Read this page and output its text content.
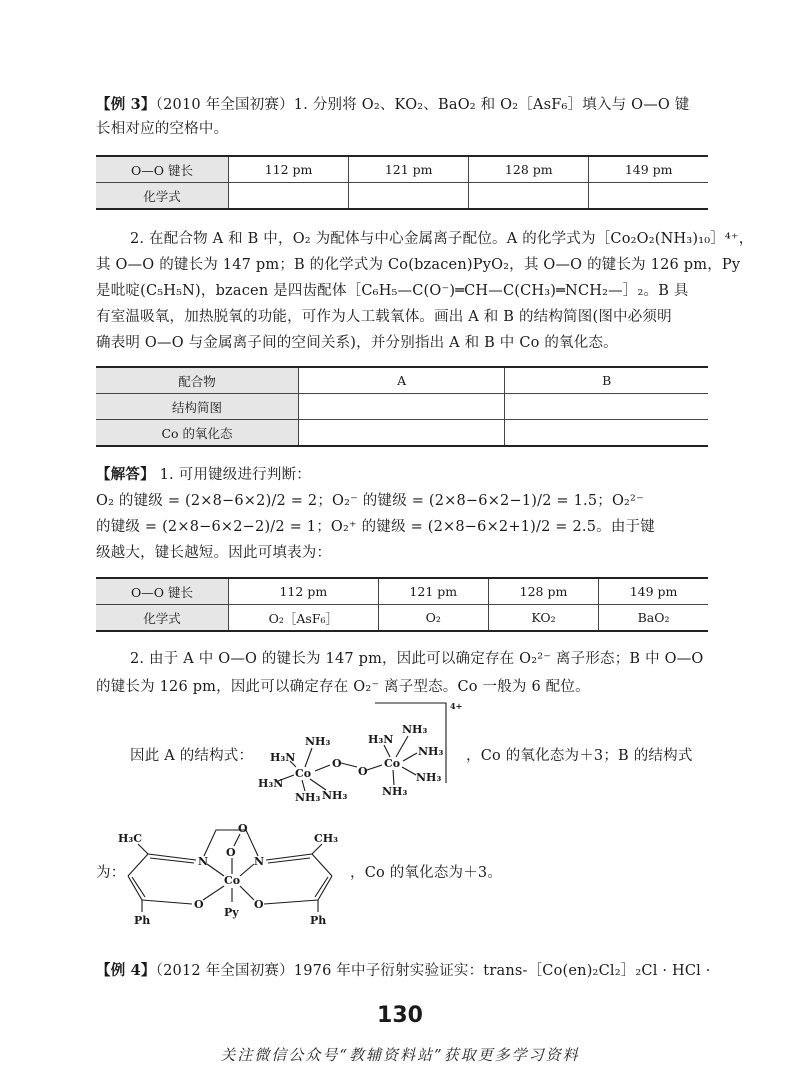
【例 3】（2010 年全国初赛）1. 分别将 O₂、KO₂、BaO₂ 和 O₂［AsF₆］填入与 O—O 键
长相对应的空格中。
O—O 键长	112 pm	121 pm	128 pm	149 pm
化学式				
2. 在配合物 A 和 B 中，O₂ 为配体与中心金属离子配位。A 的化学式为［Co₂O₂(NH₃)₁₀］⁴⁺，
其 O—O 的键长为 147 pm；B 的化学式为 Co(bzacen)PyO₂，其 O—O 的键长为 126 pm，Py
是吡啶(C₅H₅N)，bzacen 是四齿配体［C₆H₅—C(O⁻)═CH—C(CH₃)═NCH₂—］₂。B 具
有室温吸氧，加热脱氧的功能，可作为人工载氧体。画出 A 和 B 的结构简图(图中必须明
确表明 O—O 与金属离子间的空间关系)，并分别指出 A 和 B 中 Co 的氧化态。
配合物	A	B
结构简图		
Co 的氧化态		
【解答】 1. 可用键级进行判断：
O₂ 的键级 = (2×8−6×2)/2 = 2；O₂⁻ 的键级 = (2×8−6×2−1)/2 = 1.5；O₂²⁻
的键级 = (2×8−6×2−2)/2 = 1；O₂⁺ 的键级 = (2×8−6×2+1)/2 = 2.5。由于键
级越大，键长越短。因此可填表为：
O—O 键长	112 pm	121 pm	128 pm	149 pm
化学式	O₂［AsF₆］	O₂	KO₂	BaO₂
2. 由于 A 中 O—O 的键长为 147 pm，因此可以确定存在 O₂²⁻ 离子形态；B 中 O—O
的键长为 126 pm，因此可以确定存在 O₂⁻ 离子型态。Co 一般为 6 配位。
因此 A 的结构式：
4+
Co
NH₃
H₃N
H₃N
NH₃ NH₃
O
O
Co
NH₃
H₃N
NH₃
NH₃
NH₃
，Co 的氧化态为＋3；B 的结构式
为：
H₃C
N
O
Ph
Co
Py
O
O
N
CH₃
O
Ph
，Co 的氧化态为＋3。
【例 4】（2012 年全国初赛）1976 年中子衍射实验证实：trans-［Co(en)₂Cl₂］₂Cl · HCl ·
130
关注微信公众号“教辅资料站”获取更多学习资料
